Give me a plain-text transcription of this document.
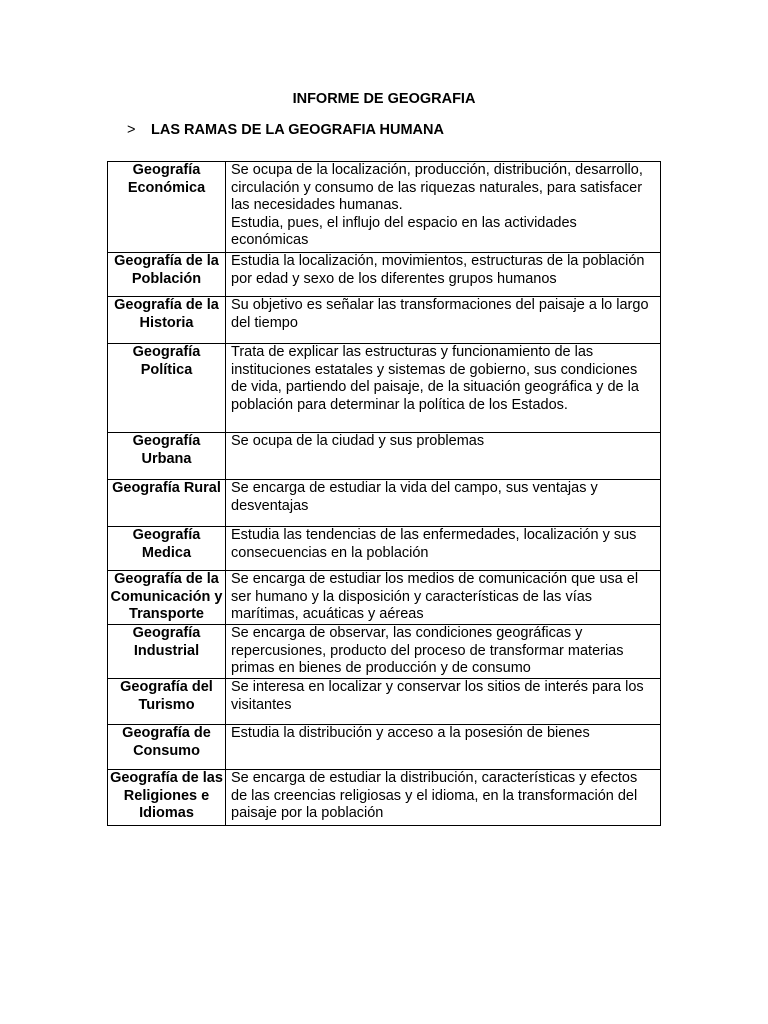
INFORME DE GEOGRAFIA
> LAS RAMAS DE LA GEOGRAFIA HUMANA
Geografía Económica	Se ocupa de la localización, producción, distribución, desarrollo, circulación y consumo de las riquezas naturales, para satisfacer las necesidades humanas.
Estudia, pues, el influjo del espacio en las actividades económicas
Geografía de la Población	Estudia la localización, movimientos, estructuras de la población por edad y sexo de los diferentes grupos humanos
Geografía de la Historia	Su objetivo es señalar las transformaciones del paisaje a lo largo del tiempo
Geografía Política	Trata de explicar las estructuras y funcionamiento de las instituciones estatales y sistemas de gobierno, sus condiciones de vida, partiendo del paisaje, de la situación geográfica y de la población para determinar la política de los Estados.
Geografía Urbana	Se ocupa de la ciudad y sus problemas
Geografía Rural	Se encarga de estudiar la vida del campo, sus ventajas y desventajas
Geografía Medica	Estudia las tendencias de las enfermedades, localización y sus consecuencias en la población
Geografía de la Comunicación y Transporte	Se encarga de estudiar los medios de comunicación que usa el ser humano y la disposición y características de las vías marítimas, acuáticas y aéreas
Geografía Industrial	Se encarga de observar, las condiciones geográficas y repercusiones, producto del proceso de transformar materias primas en bienes de producción y de consumo
Geografía del Turismo	Se interesa en localizar y conservar los sitios de interés para los visitantes
Geografía de Consumo	Estudia la distribución y acceso a la posesión de bienes
Geografía de las Religiones e Idiomas	Se encarga de estudiar la distribución, características y efectos de las creencias religiosas y el idioma, en la transformación del paisaje por la población
